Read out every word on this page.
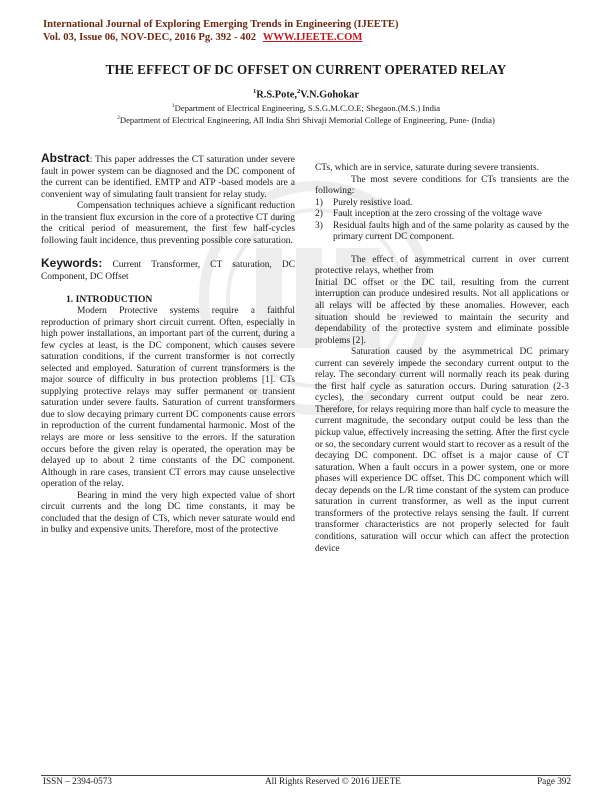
International Journal of Exploring Emerging Trends in Engineering (IJEETE)
Vol. 03, Issue 06, NOV-DEC, 2016 Pg. 392 - 402 WWW.IJEETE.COM
THE EFFECT OF DC OFFSET ON CURRENT OPERATED RELAY
$^1$R.S.Pote,$^2$V.N.Gohokar
$^1$Department of Electrical Engineering, S.S.G.M.C.O.E; Shegaon.(M.S.) India
$^2$Department of Electrical Engineering, All India Shri Shivaji Memorial College of Engineering, Pune- (India)

Abstract: This paper addresses the CT saturation under severe fault in power system can be diagnosed and the DC component of the current can be identified. EMTP and ATP -based models are a convenient way of simulating fault transient for relay study.

Compensation techniques achieve a significant reduction in the transient flux excursion in the core of a protective CT during the critical period of measurement, the first few half-cycles following fault incidence, thus preventing possible core saturation.

Keywords: Current Transformer, CT saturation, DC Component, DC Offset

1. INTRODUCTION

Modern Protective systems require a faithful reproduction of primary short circuit current. Often, especially in high power installations, an important part of the current, during a few cycles at least, is the DC component, which causes severe saturation conditions, if the current transformer is not correctly selected and employed. Saturation of current transformers is the major source of difficulty in bus protection problems [1]. CTs supplying protective relays may suffer permanent or transient saturation under severe faults. Saturation of current transformers due to slow decaying primary current DC components cause errors in reproduction of the current fundamental harmonic. Most of the relays are more or less sensitive to the errors. If the saturation occurs before the given relay is operated, the operation may be delayed up to about 2 time constants of the DC component. Although in rare cases, transient CT errors may cause unselective operation of the relay.

Bearing in mind the very high expected value of short circuit currents and the long DC time constants, it may be concluded that the design of CTs, which never saturate would end in bulky and expensive units. Therefore, most of the protective

CTs, which are in service, saturate during severe transients.

The most severe conditions for CTs transients are the following:

1) Purely resistive load.
2) Fault inception at the zero crossing of the voltage wave
3) Residual faults high and of the same polarity as caused by the primary current DC component.

The effect of asymmetrical current in over current protective relays, whether from

Initial DC offset or the DC tail, resulting from the current interruption can produce undesired results. Not all applications or all relays will be affected by these anomalies. However, each situation should be reviewed to maintain the security and dependability of the protective system and eliminate possible problems [2].

Saturation caused by the asymmetrical DC primary current can severely impede the secondary current output to the relay. The secondary current will normally reach its peak during the first half cycle as saturation occurs. During saturation (2-3 cycles), the secondary current output could be near zero. Therefore, for relays requiring more than half cycle to measure the current magnitude, the secondary output could be less than the pickup value, effectively increasing the setting. After the first cycle or so, the secondary current would start to recover as a result of the decaying DC component. DC offset is a major cause of CT saturation. When a fault occurs in a power system, one or more phases will experience DC offset. This DC component which will decay depends on the L/R time constant of the system can produce saturation in current transformer, as well as the input current transformers of the protective relays sensing the fault. If current transformer characteristics are not properly selected for fault conditions, saturation will occur which can affect the protection device

ISSN – 2394-0573	All Rights Reserved © 2016 IJEETE	Page 392
